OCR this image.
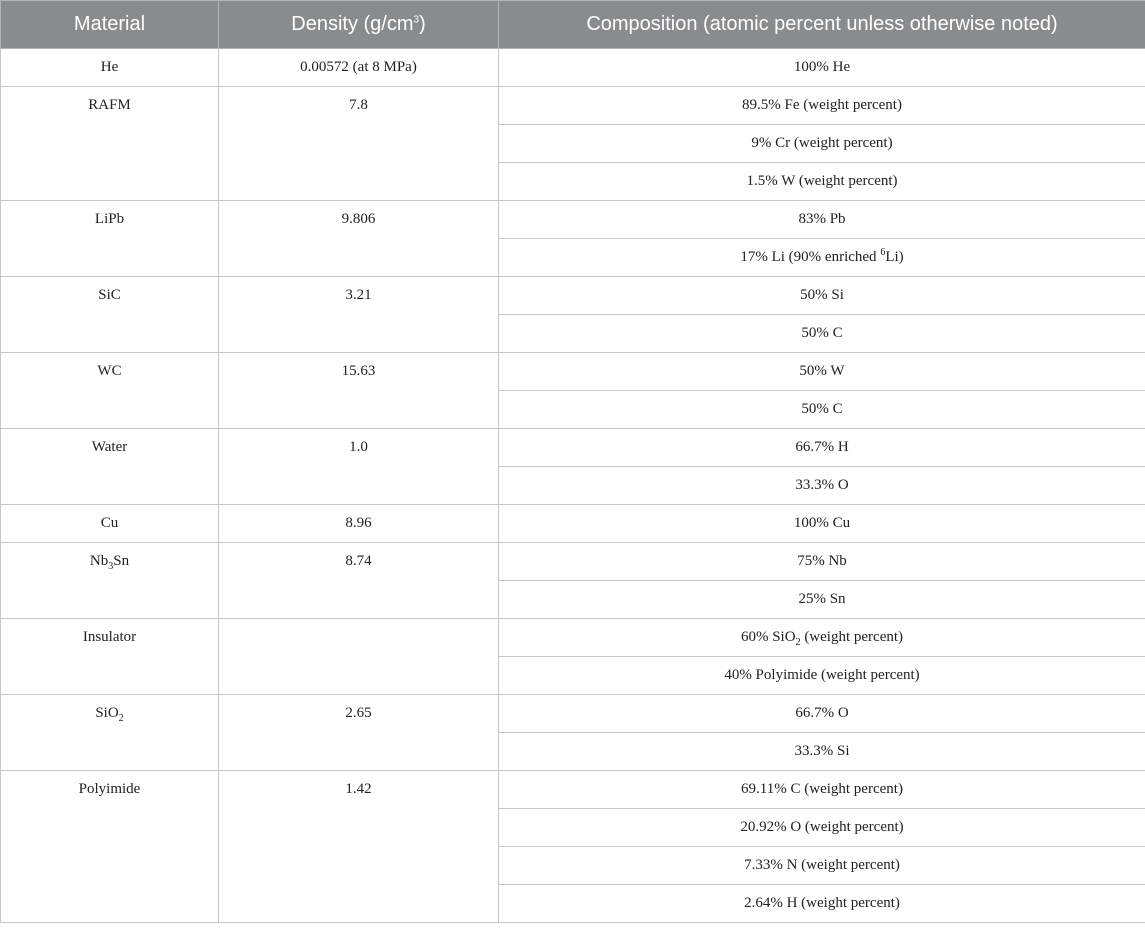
Material	Density $(g/cm^3)$	Composition (atomic percent unless otherwise noted)
He	0.00572 (at 8 MPa)	100% He
RAFM	7.8	89.5% Fe (weight percent)
		9% Cr (weight percent)
		1.5% W (weight percent)
LiPb	9.806	83% Pb
		17% Li (90% enriched $^6$Li)
SiC	3.21	50% Si
		50% C
WC	15.63	50% W
		50% C
Water	1.0	66.7% H
		33.3% O
Cu	8.96	100% Cu
$Nb_3Sn$	8.74	75% Nb
		25% Sn
Insulator		60% SiO$_2$ (weight percent)
		40% Polyimide (weight percent)
SiO$_2$	2.65	66.7% O
		33.3% Si
Polyimide	1.42	69.11% C (weight percent)
		20.92% O (weight percent)
		7.33% N (weight percent)
		2.64% H (weight percent)
